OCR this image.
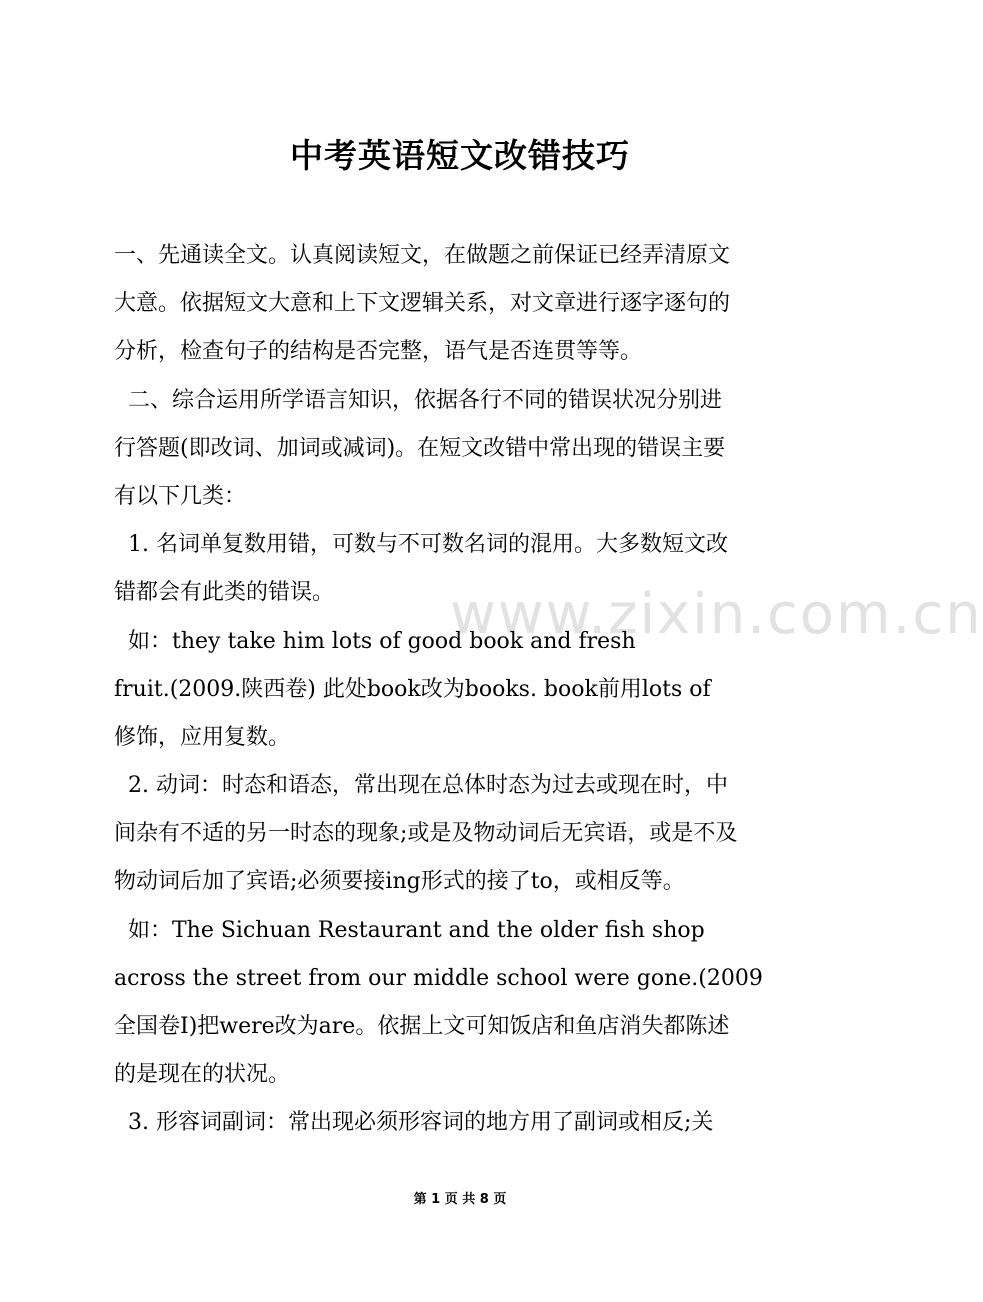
www.zixin.com.cn
中考英语短文改错技巧
一、先通读全文。认真阅读短文，在做题之前保证已经弄清原文
大意。依据短文大意和上下文逻辑关系，对文章进行逐字逐句的
分析，检查句子的结构是否完整，语气是否连贯等等。
二、综合运用所学语言知识，依据各行不同的错误状况分别进
行答题(即改词、加词或减词)。在短文改错中常出现的错误主要
有以下几类：
1. 名词单复数用错，可数与不可数名词的混用。大多数短文改
错都会有此类的错误。
如：they take him lots of good book and fresh
fruit.(2009.陕西卷) 此处book改为books. book前用lots of
修饰，应用复数。
2. 动词：时态和语态，常出现在总体时态为过去或现在时，中
间杂有不适的另一时态的现象;或是及物动词后无宾语，或是不及
物动词后加了宾语;必须要接ing形式的接了to，或相反等。
如：The Sichuan Restaurant and the older fish shop
across the street from our middle school were gone.(2009
全国卷I)把were改为are。依据上文可知饭店和鱼店消失都陈述
的是现在的状况。
3. 形容词副词：常出现必须形容词的地方用了副词或相反;关
第 1 页 共 8 页
